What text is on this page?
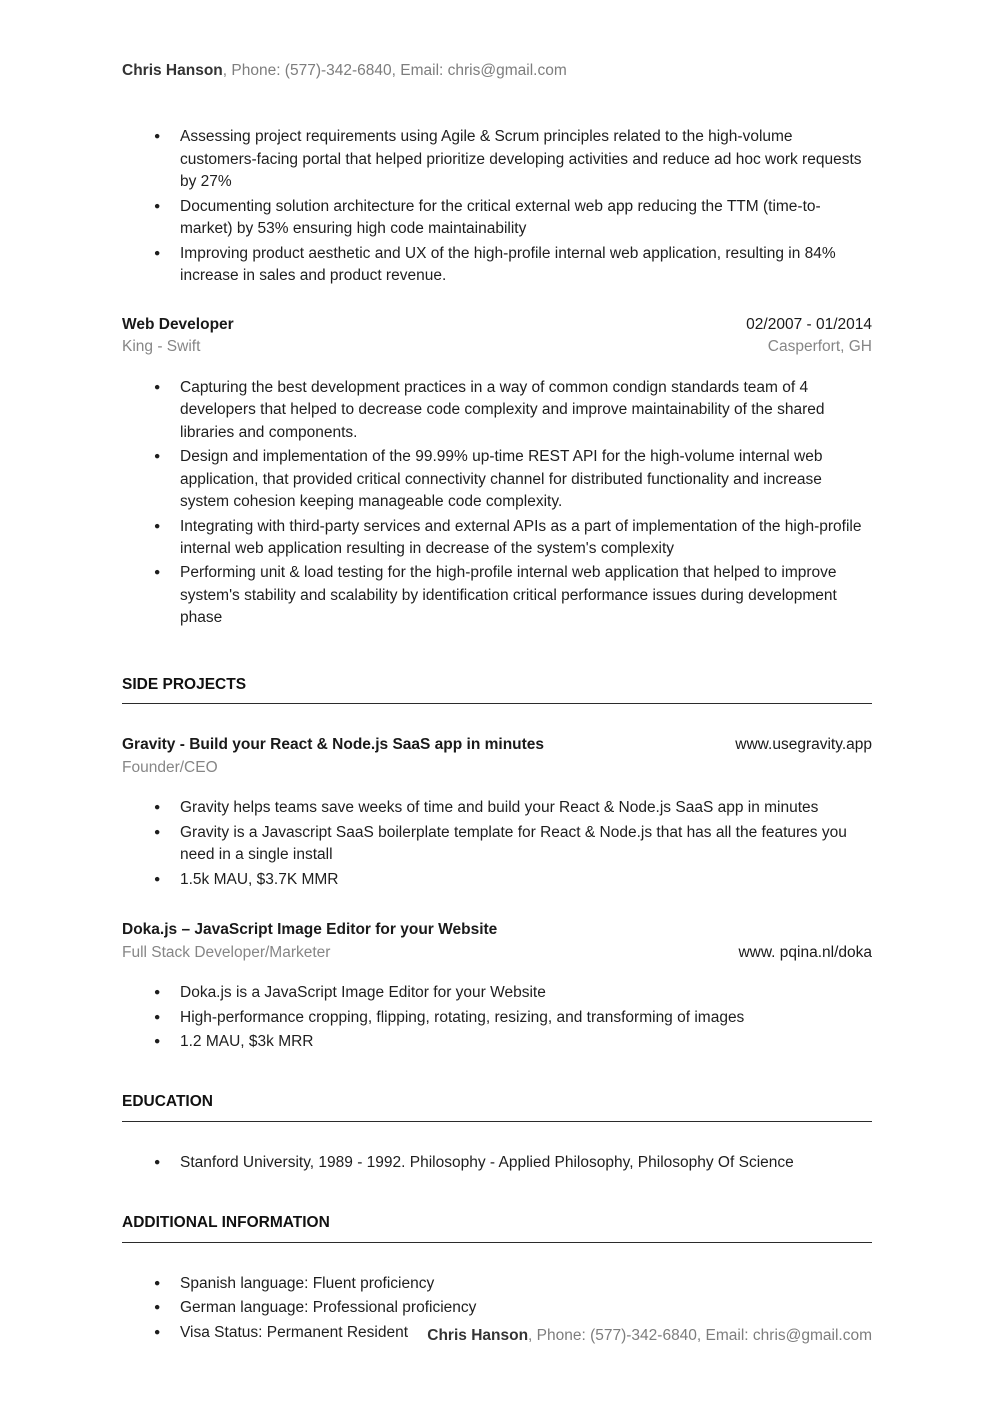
Chris Hanson, Phone: (577)-342-6840, Email: chris@gmail.com
● Assessing project requirements using Agile & Scrum principles related to the high-volume customers-facing portal that helped prioritize developing activities and reduce ad hoc work requests by 27%
● Documenting solution architecture for the critical external web app reducing the TTM (time-to-market) by 53% ensuring high code maintainability
● Improving product aesthetic and UX of the high-profile internal web application, resulting in 84% increase in sales and product revenue.
Web Developer	02/2007 - 01/2014
King - Swift	Casperfort, GH
● Capturing the best development practices in a way of common condign standards team of 4 developers that helped to decrease code complexity and improve maintainability of the shared libraries and components.
● Design and implementation of the 99.99% up-time REST API for the high-volume internal web application, that provided critical connectivity channel for distributed functionality and increase system cohesion keeping manageable code complexity.
● Integrating with third-party services and external APIs as a part of implementation of the high-profile internal web application resulting in decrease of the system's complexity
● Performing unit & load testing for the high-profile internal web application that helped to improve system's stability and scalability by identification critical performance issues during development phase
SIDE PROJECTS
Gravity - Build your React & Node.js SaaS app in minutes	www.usegravity.app
Founder/CEO
● Gravity helps teams save weeks of time and build your React & Node.js SaaS app in minutes
● Gravity is a Javascript SaaS boilerplate template for React & Node.js that has all the features you need in a single install
● 1.5k MAU, $3.7K MMR
Doka.js – JavaScript Image Editor for your Website
Full Stack Developer/Marketer	www. pqina.nl/doka
● Doka.js is a JavaScript Image Editor for your Website
● High-performance cropping, flipping, rotating, resizing, and transforming of images
● 1.2 MAU, $3k MRR
EDUCATION
● Stanford University, 1989 - 1992. Philosophy - Applied Philosophy, Philosophy Of Science
ADDITIONAL INFORMATION
● Spanish language: Fluent proficiency
● German language: Professional proficiency
● Visa Status: Permanent Resident	Chris Hanson, Phone: (577)-342-6840, Email: chris@gmail.com
